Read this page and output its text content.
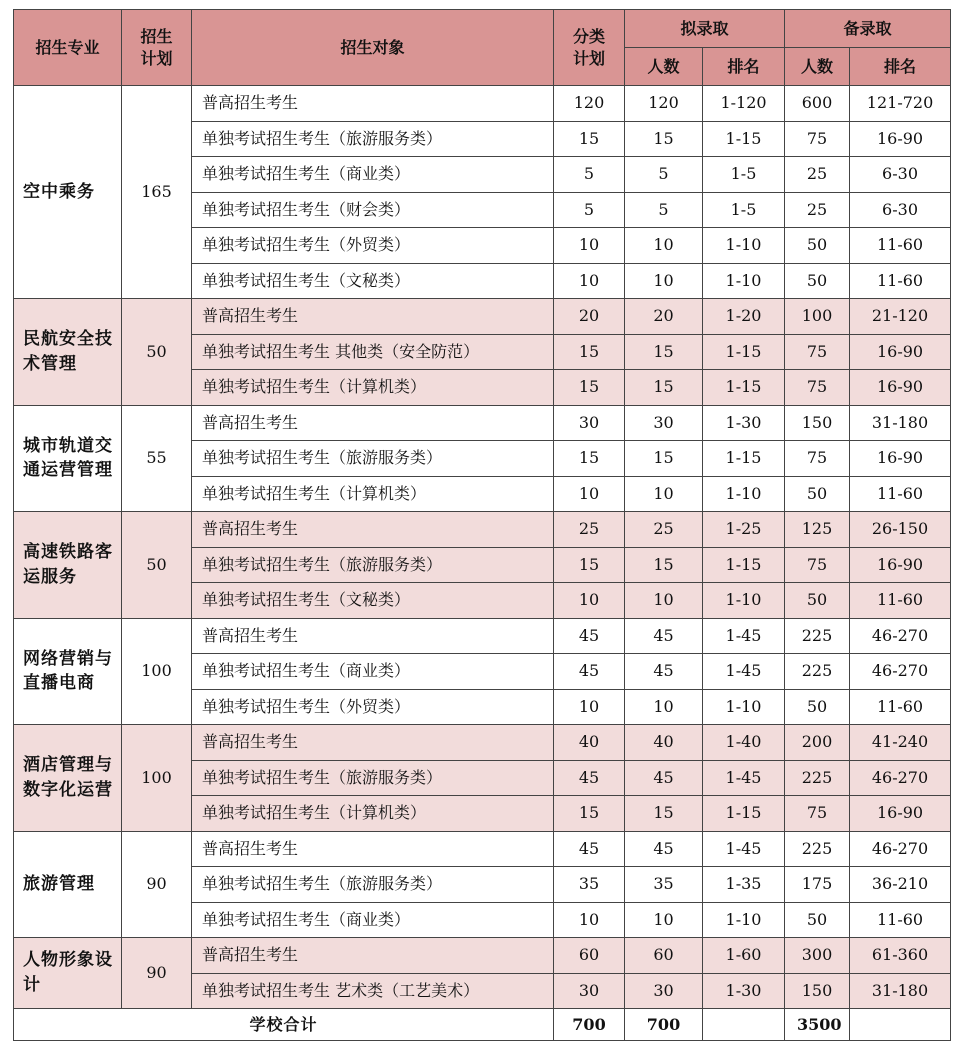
招生专业	招生计划	招生对象	分类计划	拟录取		备录取	
				人数	排名	人数	排名
空中乘务	165	普高招生考生	120	120	1-120	600	121-720
		单独考试招生考生（旅游服务类）	15	15	1-15	75	16-90
		单独考试招生考生（商业类）	5	5	1-5	25	6-30
		单独考试招生考生（财会类）	5	5	1-5	25	6-30
		单独考试招生考生（外贸类）	10	10	1-10	50	11-60
		单独考试招生考生（文秘类）	10	10	1-10	50	11-60
民航安全技术管理	50	普高招生考生	20	20	1-20	100	21-120
		单独考试招生考生 其他类（安全防范）	15	15	1-15	75	16-90
		单独考试招生考生（计算机类）	15	15	1-15	75	16-90
城市轨道交通运营管理	55	普高招生考生	30	30	1-30	150	31-180
		单独考试招生考生（旅游服务类）	15	15	1-15	75	16-90
		单独考试招生考生（计算机类）	10	10	1-10	50	11-60
高速铁路客运服务	50	普高招生考生	25	25	1-25	125	26-150
		单独考试招生考生（旅游服务类）	15	15	1-15	75	16-90
		单独考试招生考生（文秘类）	10	10	1-10	50	11-60
网络营销与直播电商	100	普高招生考生	45	45	1-45	225	46-270
		单独考试招生考生（商业类）	45	45	1-45	225	46-270
		单独考试招生考生（外贸类）	10	10	1-10	50	11-60
酒店管理与数字化运营	100	普高招生考生	40	40	1-40	200	41-240
		单独考试招生考生（旅游服务类）	45	45	1-45	225	46-270
		单独考试招生考生（计算机类）	15	15	1-15	75	16-90
旅游管理	90	普高招生考生	45	45	1-45	225	46-270
		单独考试招生考生（旅游服务类）	35	35	1-35	175	36-210
		单独考试招生考生（商业类）	10	10	1-10	50	11-60
人物形象设计	90	普高招生考生	60	60	1-60	300	61-360
		单独考试招生考生 艺术类（工艺美术）	30	30	1-30	150	31-180
学校合计			700	700		3500	
